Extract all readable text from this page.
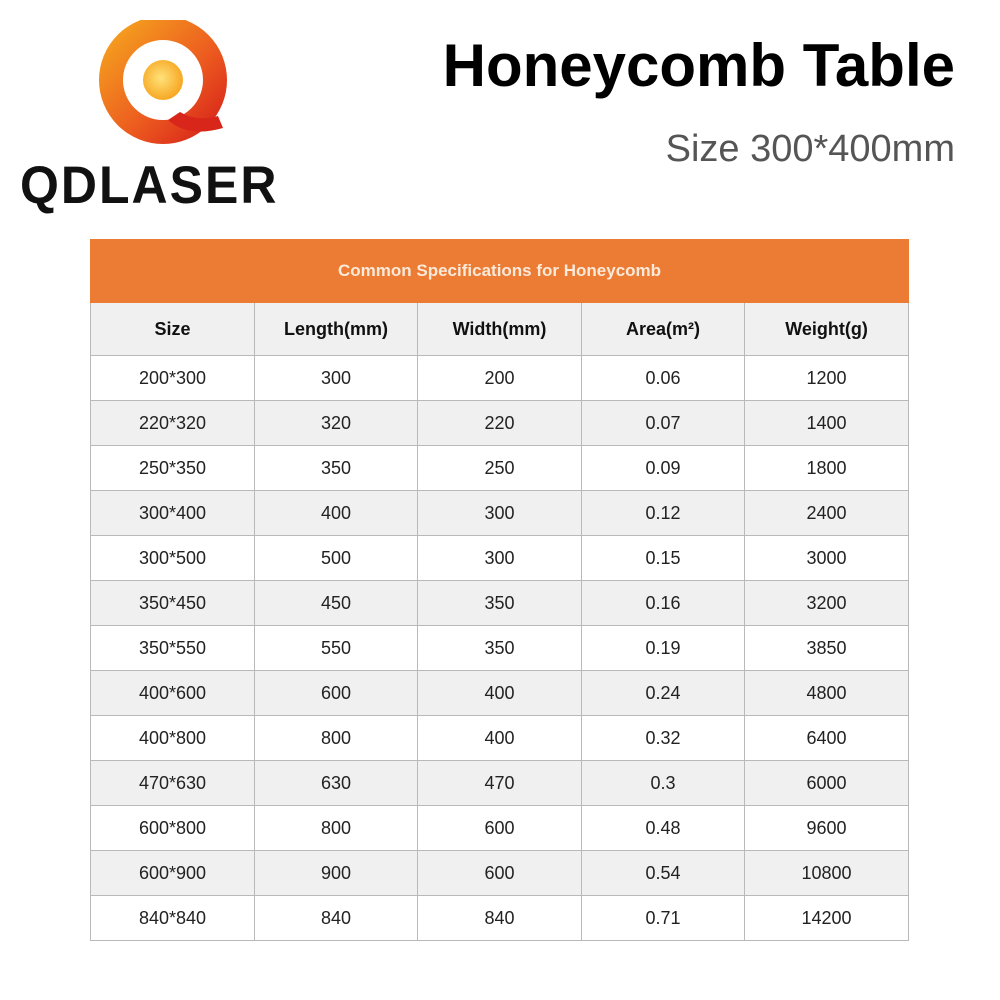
QDLASER
Honeycomb Table
Size 300*400mm
Common Specifications for Honeycomb				
Size	Length(mm)	Width(mm)	Area(m²)	Weight(g)
200*300	300	200	0.06	1200
220*320	320	220	0.07	1400
250*350	350	250	0.09	1800
300*400	400	300	0.12	2400
300*500	500	300	0.15	3000
350*450	450	350	0.16	3200
350*550	550	350	0.19	3850
400*600	600	400	0.24	4800
400*800	800	400	0.32	6400
470*630	630	470	0.3	6000
600*800	800	600	0.48	9600
600*900	900	600	0.54	10800
840*840	840	840	0.71	14200
